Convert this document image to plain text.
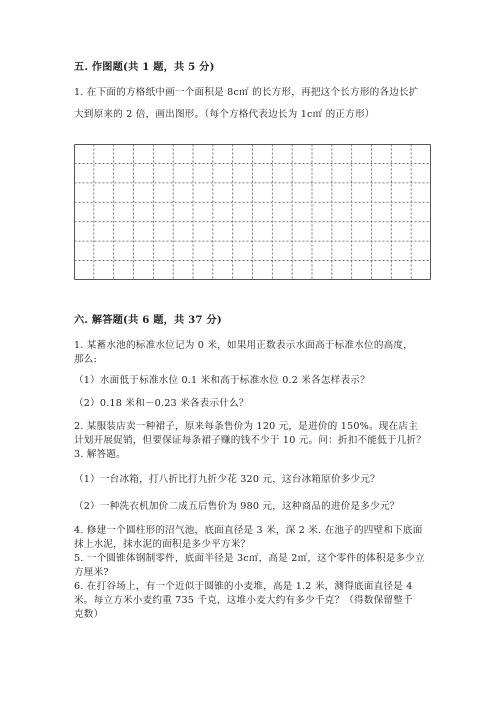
五. 作图题(共 1 题，共 5 分)
1. 在下面的方格纸中画一个面积是 8c㎡ 的长方形，再把这个长方形的各边长扩
大到原来的 2 倍，画出图形。（每个方格代表边长为 1c㎡ 的正方形）
六. 解答题(共 6 题，共 37 分)
1. 某蓄水池的标准水位记为 0 米，如果用正数表示水面高于标准水位的高度，
那么:
（1）水面低于标准水位 0.1 米和高于标准水位 0.2 米各怎样表示？
（2）0.18 米和－0.23 米各表示什么？
2. 某服装店卖一种裙子，原来每条售价为 120 元，是进价的 150%。现在店主
计划开展促销，但要保证每条裙子赚的钱不少于 10 元。问：折扣不能低于几折？
3. 解答题。
（1）一台冰箱，打八折比打九折少花 320 元，这台冰箱原价多少元？
（2）一种洗衣机加价二成五后售价为 980 元，这种商品的进价是多少元？
4. 修建一个圆柱形的沼气池，底面直径是 3 米，深 2 米. 在池子的四壁和下底面
抹上水泥，抹水泥的面积是多少平方米？
5. 一个圆锥体钢制零件，底面半径是 3c㎡，高是 2㎡，这个零件的体积是多少立
方厘米?
6. 在打谷场上，有一个近似于圆锥的小麦堆，高是 1.2 米，测得底面直径是 4
米。每立方米小麦约重 735 千克，这堆小麦大约有多少千克？（得数保留整千
克数）
